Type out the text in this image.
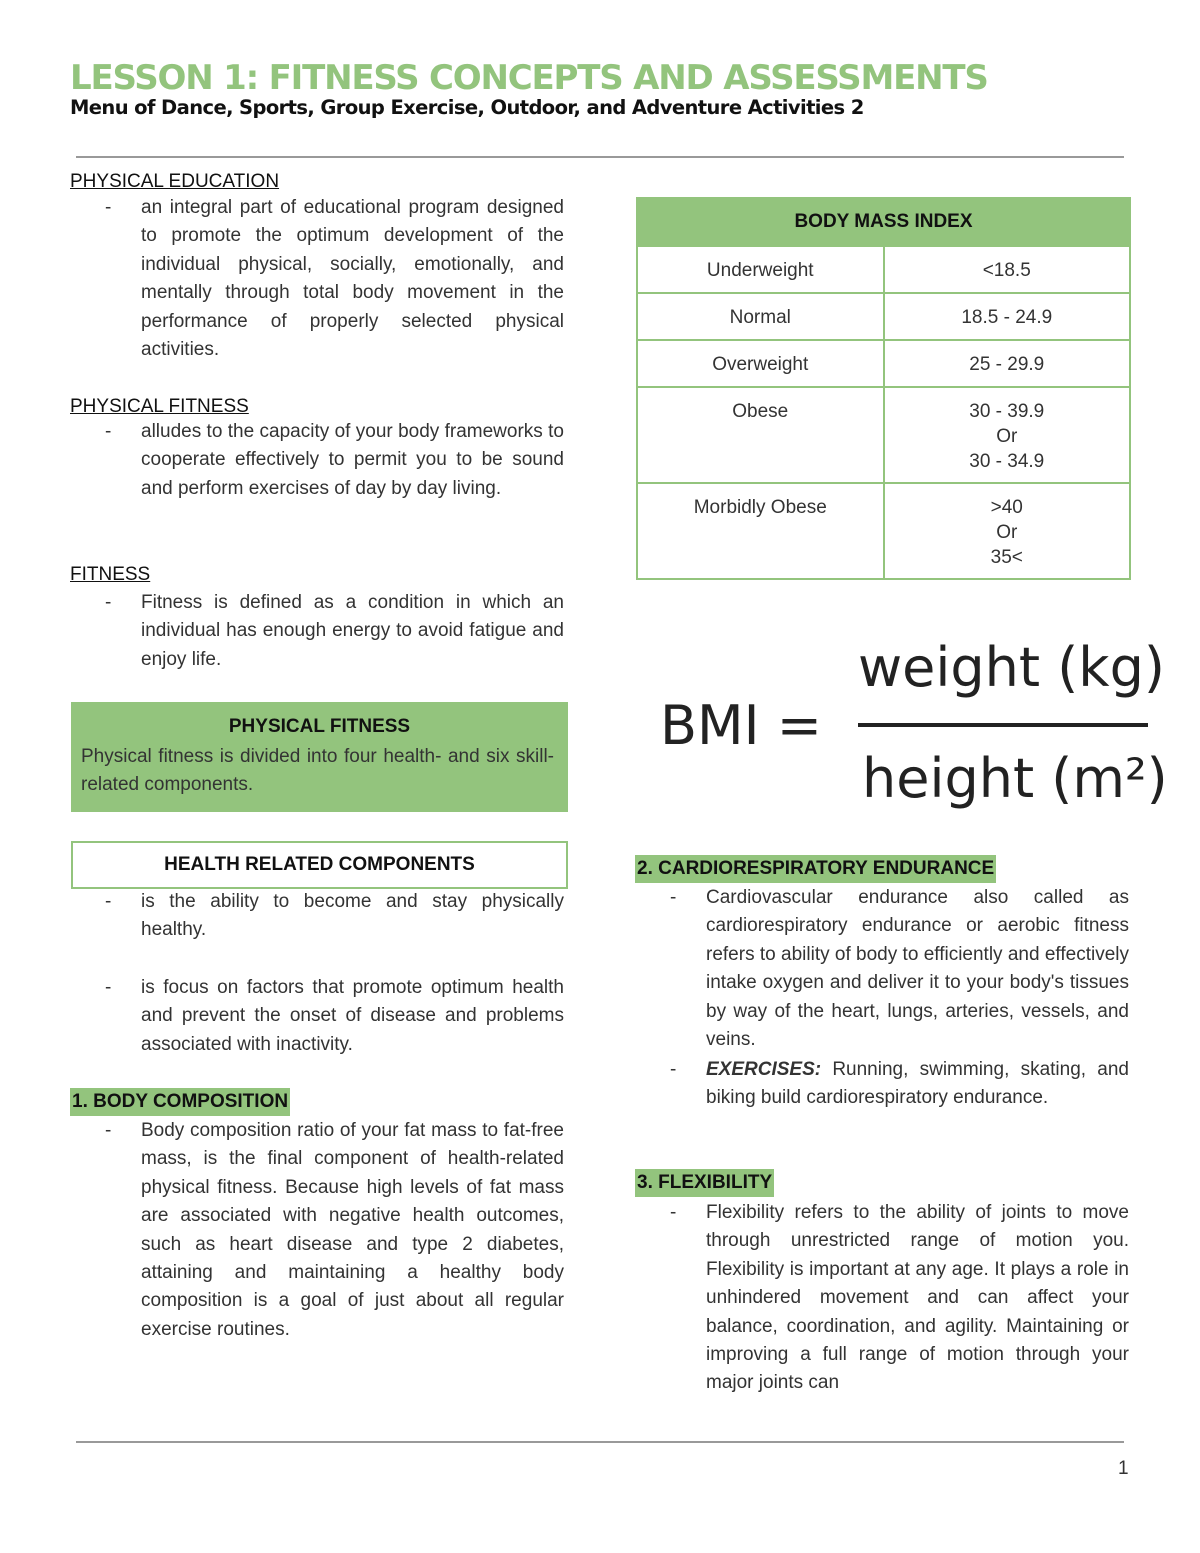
LESSON 1: FITNESS CONCEPTS AND ASSESSMENTS
Menu of Dance, Sports, Group Exercise, Outdoor, and Adventure Activities 2
PHYSICAL EDUCATION
- an integral part of educational program designed to promote the optimum development of the individual physical, socially, emotionally, and mentally through total body movement in the performance of properly selected physical activities.
PHYSICAL FITNESS
- alludes to the capacity of your body frameworks to cooperate effectively to permit you to be sound and perform exercises of day by day living.
FITNESS
- Fitness is defined as a condition in which an individual has enough energy to avoid fatigue and enjoy life.
PHYSICAL FITNESS
Physical fitness is divided into four health- and six skill-related components.
HEALTH RELATED COMPONENTS
- is the ability to become and stay physically healthy.
- is focus on factors that promote optimum health and prevent the onset of disease and problems associated with inactivity.
1. BODY COMPOSITION
- Body composition ratio of your fat mass to fat-free mass, is the final component of health-related physical fitness. Because high levels of fat mass are associated with negative health outcomes, such as heart disease and type 2 diabetes, attaining and maintaining a healthy body composition is a goal of just about all regular exercise routines.
BODY MASS INDEX	
Underweight	<18.5
Normal	18.5 - 24.9
Overweight	25 - 29.9
Obese	30 - 39.9
Or
30 - 34.9

Morbidly Obese	>40
Or
35<
BMI =
weight (kg)
height (m²)
2. CARDIORESPIRATORY ENDURANCE
- Cardiovascular endurance also called as cardiorespiratory endurance or aerobic fitness refers to ability of body to efficiently and effectively intake oxygen and deliver it to your body's tissues by way of the heart, lungs, arteries, vessels, and veins.
- EXERCISES: Running, swimming, skating, and biking build cardiorespiratory endurance.
3. FLEXIBILITY
- Flexibility refers to the ability of joints to move through unrestricted range of motion you. Flexibility is important at any age. It plays a role in unhindered movement and can affect your balance, coordination, and agility. Maintaining or improving a full range of motion through your major joints can
1
